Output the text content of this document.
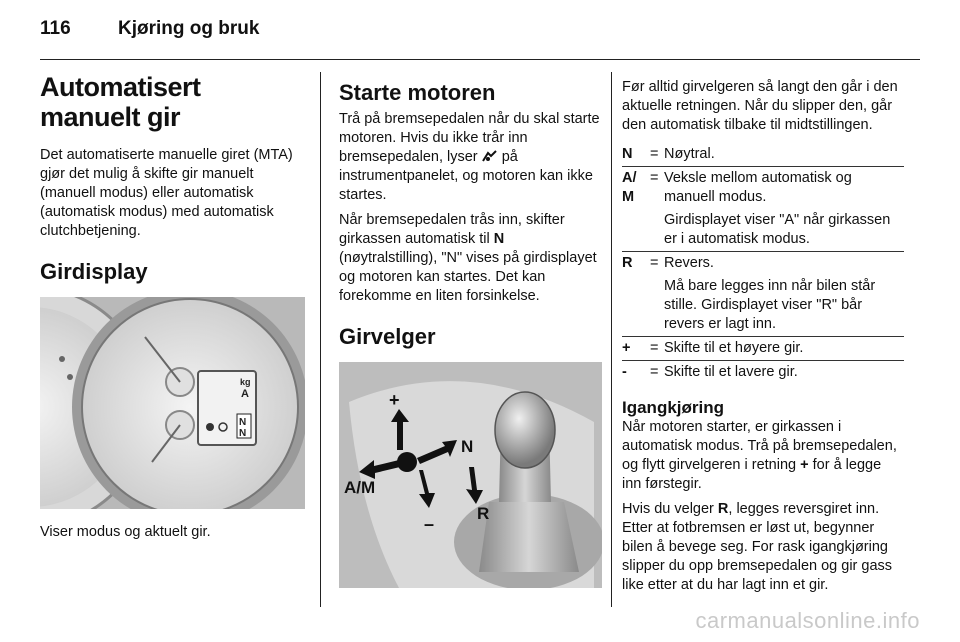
116 Kjøring og bruk
Automatisert manuelt gir
Det automatiserte manuelle giret (MTA) gjør det mulig å skifte gir manuelt (manuell modus) eller automatisk (automatisk modus) med automatisk clutchbetjening.
Girdisplay
kg
A
N
N
Viser modus og aktuelt gir.
Starte motoren
Trå på bremsepedalen når du skal starte motoren. Hvis du ikke trår inn bremsepedalen, lyser  på instrumentpanelet, og motoren kan ikke startes.
Når bremsepedalen trås inn, skifter girkassen automatisk til N (nøytralstilling), "N" vises på girdisplayet og motoren kan startes. Det kan forekomme en liten forsinkelse.
Girvelger
+
–
A/M
N
R
Før alltid girvelgeren så langt den går i den aktuelle retningen. Når du slipper den, går den automatisk tilbake til midtstillingen.
N	= Nøytral.
A/
M
= Veksle mellom automatisk og manuell modus.
Girdisplayet viser "A" når girkassen er i automatisk modus.
R	= Revers.
Må bare legges inn når bilen står stille. Girdisplayet viser "R" bår revers er lagt inn.
+	= Skifte til et høyere gir.
-	= Skifte til et lavere gir.
Igangkjøring
Når motoren starter, er girkassen i automatisk modus. Trå på bremsepedalen, og flytt girvelgeren i retning + for å legge inn førstegir.
Hvis du velger R, legges reversgiret inn. Etter at fotbremsen er løst ut, begynner bilen å bevege seg. For rask igangkjøring slipper du opp bremsepedalen og gir gass like etter at du har lagt inn et gir.
carmanualsonline.info
